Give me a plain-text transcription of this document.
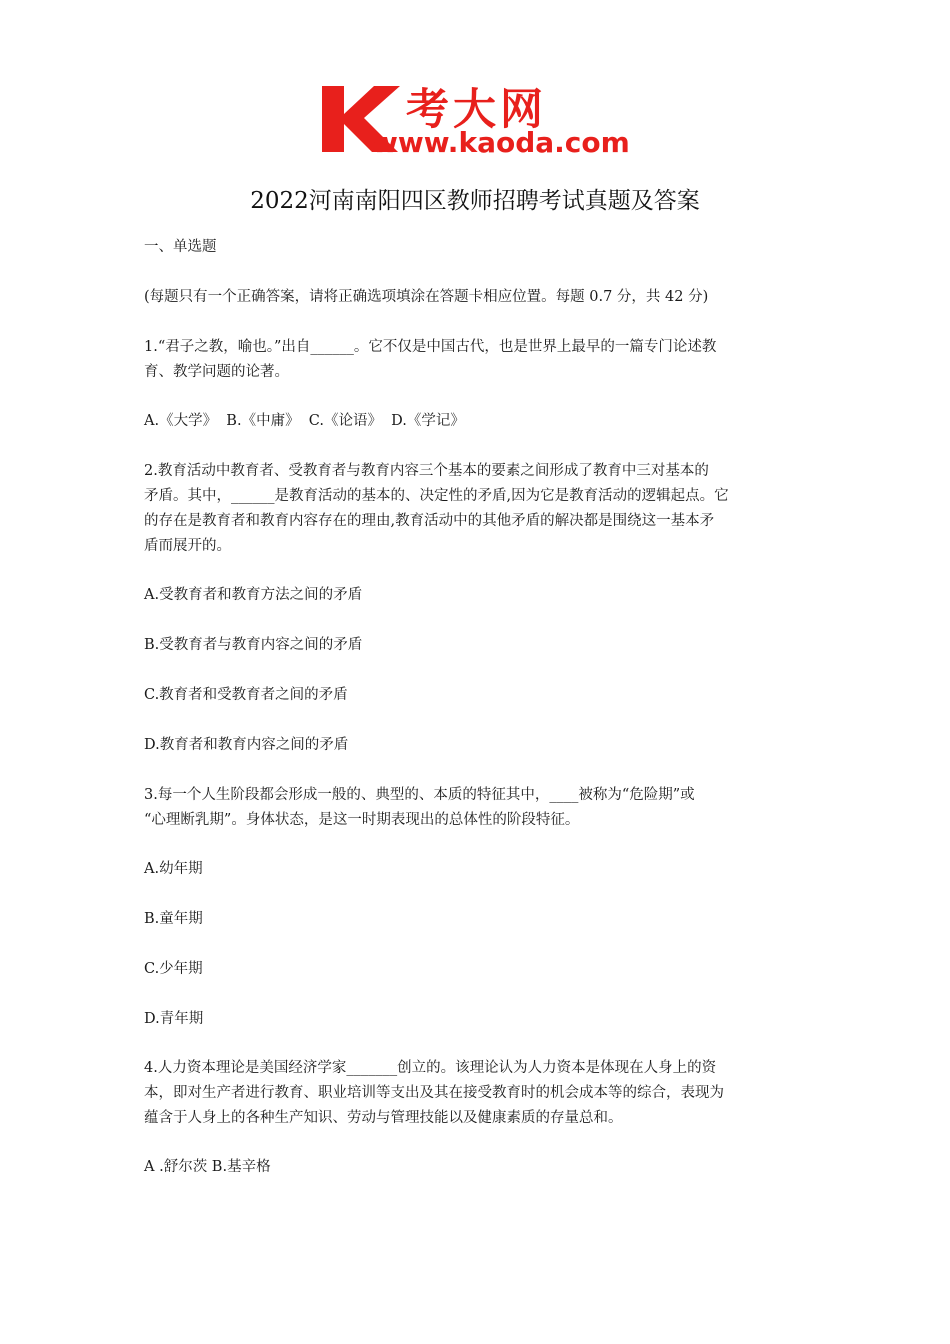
考大网
www.kaoda.com
2022河南南阳四区教师招聘考试真题及答案

一、单选题

(每题只有一个正确答案，请将正确选项填涂在答题卡相应位置。每题 0.7 分，共 42 分)

1.“君子之教，喻也。”出自______。它不仅是中国古代，也是世界上最早的一篇专门论述教
育、教学问题的论著。

A.《大学》  B.《中庸》  C.《论语》  D.《学记》

2.教育活动中教育者、受教育者与教育内容三个基本的要素之间形成了教育中三对基本的
矛盾。其中，______是教育活动的基本的、决定性的矛盾,因为它是教育活动的逻辑起点。它
的存在是教育者和教育内容存在的理由,教育活动中的其他矛盾的解决都是围绕这一基本矛
盾而展开的。

A.受教育者和教育方法之间的矛盾

B.受教育者与教育内容之间的矛盾

C.教育者和受教育者之间的矛盾

D.教育者和教育内容之间的矛盾

3.每一个人生阶段都会形成一般的、典型的、本质的特征其中，____被称为“危险期”或
“心理断乳期”。身体状态，是这一时期表现出的总体性的阶段特征。

A.幼年期

B.童年期

C.少年期

D.青年期

4.人力资本理论是美国经济学家_______创立的。该理论认为人力资本是体现在人身上的资
本，即对生产者进行教育、职业培训等支出及其在接受教育时的机会成本等的综合，表现为
蕴含于人身上的各种生产知识、劳动与管理技能以及健康素质的存量总和。

A .舒尔茨 B.基辛格
